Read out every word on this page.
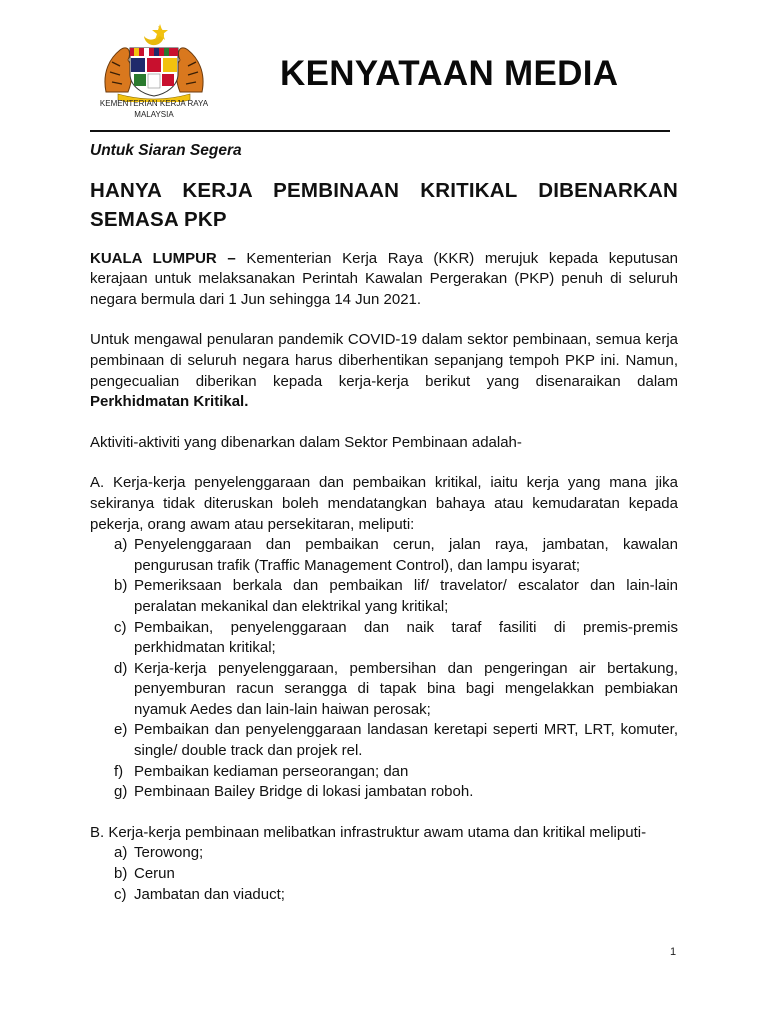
KEMENTERIAN KERJA RAYA
MALAYSIA
KENYATAAN MEDIA

Untuk Siaran Segera

HANYA KERJA PEMBINAAN KRITIKAL DIBENARKAN SEMASA PKP

KUALA LUMPUR – Kementerian Kerja Raya (KKR) merujuk kepada keputusan kerajaan untuk melaksanakan Perintah Kawalan Pergerakan (PKP) penuh di seluruh negara bermula dari 1 Jun sehingga 14 Jun 2021.

Untuk mengawal penularan pandemik COVID-19 dalam sektor pembinaan, semua kerja pembinaan di seluruh negara harus diberhentikan sepanjang tempoh PKP ini. Namun, pengecualian diberikan kepada kerja-kerja berikut yang disenaraikan dalam Perkhidmatan Kritikal.

Aktiviti-aktiviti yang dibenarkan dalam Sektor Pembinaan adalah-

A. Kerja-kerja penyelenggaraan dan pembaikan kritikal, iaitu kerja yang mana jika sekiranya tidak diteruskan boleh mendatangkan bahaya atau kemudaratan kepada pekerja, orang awam atau persekitaran, meliputi:

a) Penyelenggaraan dan pembaikan cerun, jalan raya, jambatan, kawalan pengurusan trafik (Traffic Management Control), dan lampu isyarat;
b) Pemeriksaan berkala dan pembaikan lif/ travelator/ escalator dan lain-lain peralatan mekanikal dan elektrikal yang kritikal;
c) Pembaikan, penyelenggaraan dan naik taraf fasiliti di premis-premis perkhidmatan kritikal;
d) Kerja-kerja penyelenggaraan, pembersihan dan pengeringan air bertakung, penyemburan racun serangga di tapak bina bagi mengelakkan pembiakan nyamuk Aedes dan lain-lain haiwan perosak;
e) Pembaikan dan penyelenggaraan landasan keretapi seperti MRT, LRT, komuter, single/ double track dan projek rel.
f) Pembaikan kediaman perseorangan; dan
g) Pembinaan Bailey Bridge di lokasi jambatan roboh.

B. Kerja-kerja pembinaan melibatkan infrastruktur awam utama dan kritikal meliputi-

a) Terowong;
b) Cerun
c) Jambatan dan viaduct;
1
